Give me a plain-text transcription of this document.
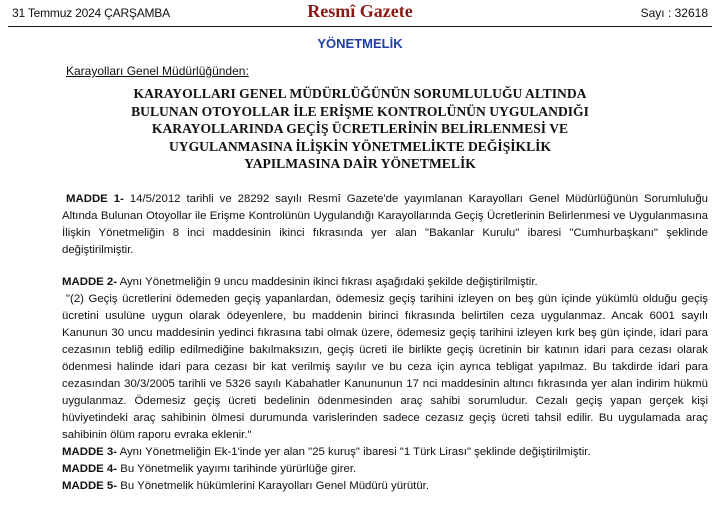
31 Temmuz 2024 ÇARŞAMBA	Resmî Gazete	Sayı : 32618
YÖNETMELİK
Karayolları Genel Müdürlüğünden:
KARAYOLLARI GENEL MÜDÜRLÜĞÜNÜN SORUMLULUĞU ALTINDA
BULUNAN OTOYOLLAR İLE ERİŞME KONTROLÜNÜN UYGULANDIĞI
KARAYOLLARINDA GEÇİŞ ÜCRETLERİNİN BELİRLENMESİ VE
UYGULANMASINA İLİŞKİN YÖNETMELİKTE DEĞİŞİKLİK
YAPILMASINA DAİR YÖNETMELİK

MADDE 1- 14/5/2012 tarihli ve 28292 sayılı Resmî Gazete'de yayımlanan Karayolları Genel Müdürlüğünün Sorumluluğu Altında Bulunan Otoyollar ile Erişme Kontrolünün Uygulandığı Karayollarında Geçiş Ücretlerinin Belirlenmesi ve Uygulanmasına İlişkin Yönetmeliğin 8 inci maddesinin ikinci fıkrasında yer alan "Bakanlar Kurulu" ibaresi "Cumhurbaşkanı" şeklinde değiştirilmiştir.

MADDE 2- Aynı Yönetmeliğin 9 uncu maddesinin ikinci fıkrası aşağıdaki şekilde değiştirilmiştir.

"(2) Geçiş ücretlerini ödemeden geçiş yapanlardan, ödemesiz geçiş tarihini izleyen on beş gün içinde yükümlü olduğu geçiş ücretini usulüne uygun olarak ödeyenlere, bu maddenin birinci fıkrasında belirtilen ceza uygulanmaz. Ancak 6001 sayılı Kanunun 30 uncu maddesinin yedinci fıkrasına tabi olmak üzere, ödemesiz geçiş tarihini izleyen kırk beş gün içinde, idari para cezasının tebliğ edilip edilmediğine bakılmaksızın, geçiş ücreti ile birlikte geçiş ücretinin bir katının idari para cezası olarak ödenmesi halinde idari para cezası bir kat verilmiş sayılır ve bu ceza için ayrıca tebligat yapılmaz. Bu takdirde idari para cezasından 30/3/2005 tarihli ve 5326 sayılı Kabahatler Kanununun 17 nci maddesinin altıncı fıkrasında yer alan indirim hükmü uygulanmaz. Ödemesiz geçiş ücreti bedelinin ödenmesinden araç sahibi sorumludur. Cezalı geçiş yapan gerçek kişi hüviyetindeki araç sahibinin ölmesi durumunda varislerinden sadece cezasız geçiş ücreti tahsil edilir. Bu uygulamada araç sahibinin ölüm raporu evraka eklenir."

MADDE 3- Aynı Yönetmeliğin Ek-1'inde yer alan "25 kuruş" ibaresi "1 Türk Lirası" şeklinde değiştirilmiştir.

MADDE 4- Bu Yönetmelik yayımı tarihinde yürürlüğe girer.

MADDE 5- Bu Yönetmelik hükümlerini Karayolları Genel Müdürü yürütür.
